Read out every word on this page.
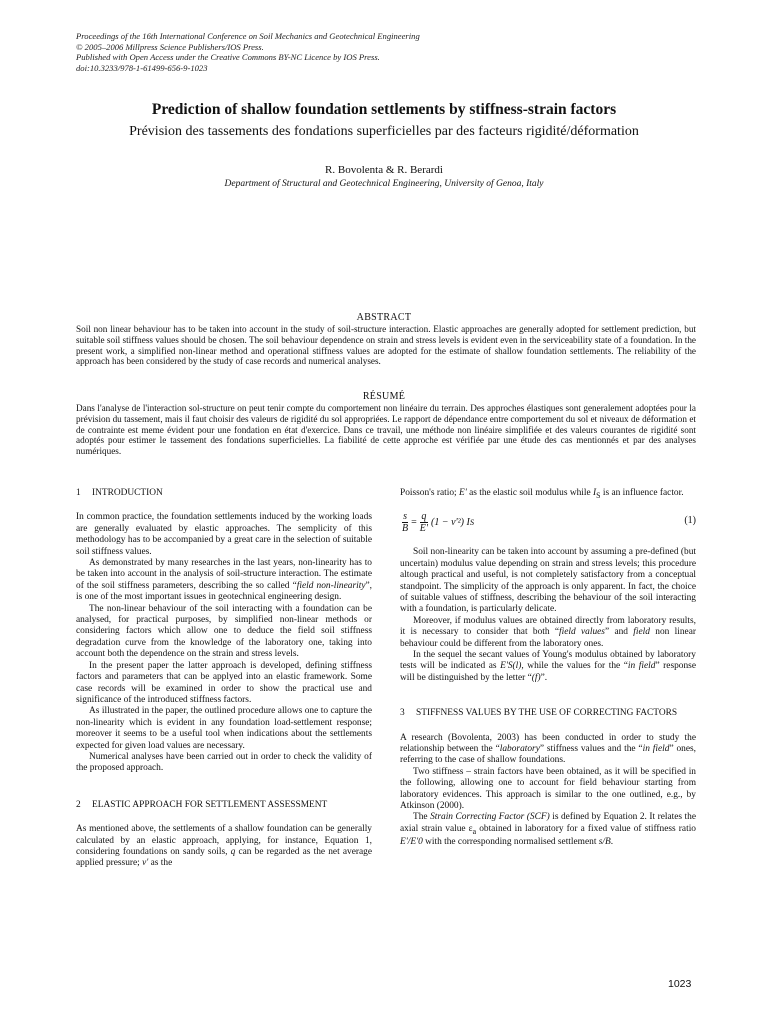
Proceedings of the 16th International Conference on Soil Mechanics and Geotechnical Engineering
© 2005–2006 Millpress Science Publishers/IOS Press.
Published with Open Access under the Creative Commons BY-NC Licence by IOS Press.
doi:10.3233/978-1-61499-656-9-1023
Prediction of shallow foundation settlements by stiffness-strain factors
Prévision des tassements des fondations superficielles par des facteurs rigidité/déformation
R. Bovolenta & R. Berardi
Department of Structural and Geotechnical Engineering, University of Genoa, Italy
ABSTRACT
Soil non linear behaviour has to be taken into account in the study of soil-structure interaction. Elastic approaches are generally adopted for settlement prediction, but suitable soil stiffness values should be chosen. The soil behaviour dependence on strain and stress levels is evident even in the serviceability state of a foundation. In the present work, a simplified non-linear method and operational stiffness values are adopted for the estimate of shallow foundation settlements. The reliability of the approach has been considered by the study of case records and numerical analyses.
RÉSUMÉ
Dans l'analyse de l'interaction sol-structure on peut tenir compte du comportement non linéaire du terrain. Des approches élastiques sont generalement adoptées pour la prévision du tassement, mais il faut choisir des valeurs de rigidité du sol appropriées. Le rapport de dépendance entre comportement du sol et niveaux de déformation et de contrainte est meme évident pour une fondation en état d'exercice. Dans ce travail, une méthode non linéaire simplifiée et des valeurs courantes de rigidité sont adoptés pour estimer le tassement des fondations superficielles. La fiabilité de cette approche est vérifiée par une étude des cas mentionnés et par des analyses numériques.
1	INTRODUCTION

In common practice, the foundation settlements induced by the working loads are generally evaluated by elastic approaches. The semplicity of this methodology has to be accompanied by a great care in the selection of suitable soil stiffness values.

As demonstrated by many researches in the last years, non-linearity has to be taken into account in the analysis of soil-structure interaction. The estimate of the soil stiffness parameters, describing the so called “field non-linearity”, is one of the most important issues in geotechnical engineering design.

The non-linear behaviour of the soil interacting with a foundation can be analysed, for practical purposes, by simplified non-linear methods or considering factors which allow one to deduce the field soil stiffness degradation curve from the knowledge of the laboratory one, taking into account both the dependence on the strain and stress levels.

In the present paper the latter approach is developed, defining stiffness factors and parameters that can be applyed into an elastic framework. Some case records will be examined in order to show the practical use and significance of the introduced stiffness factors.

As illustrated in the paper, the outlined procedure allows one to capture the non-linearity which is evident in any foundation load-settlement response; moreover it seems to be a useful tool when indications about the settlements expected for given load values are necessary.

Numerical analyses have been carried out in order to check the validity of the proposed approach.

2	ELASTIC APPROACH FOR SETTLEMENT ASSESSMENT

As mentioned above, the settlements of a shallow foundation can be generally calculated by an elastic approach, applying, for instance, Equation 1, considering foundations on sandy soils, q can be regarded as the net average applied pressure; ν' as the

Poisson's ratio; E' as the elastic soil modulus while $I_S$ is an influence factor.

$\frac{s}{B} = \frac{q}{E'} (1 - \nu'^2)$ I S	(1)

Soil non-linearity can be taken into account by assuming a pre-defined (but uncertain) modulus value depending on strain and stress levels; this procedure altough practical and useful, is not completely satisfactory from a conceptual standpoint. The simplicity of the approach is only apparent. In fact, the choice of suitable values of stiffness, describing the behaviour of the soil interacting with a foundation, is particularly delicate.

Moreover, if modulus values are obtained directly from laboratory results, it is necessary to consider that both “field values” and field non linear behaviour could be different from the laboratory ones.

In the sequel the secant values of Young's modulus obtained by laboratory tests will be indicated as E'S(l), while the values for the “in field” response will be distinguished by the letter “(f)”.

3	STIFFNESS VALUES BY THE USE OF CORRECTING FACTORS

A research (Bovolenta, 2003) has been conducted in order to study the relationship between the “laboratory” stiffness values and the “in field” ones, referring to the case of shallow foundations.

Two stiffness – strain factors have been obtained, as it will be specified in the following, allowing one to account for field behaviour starting from laboratory evidences. This approach is similar to the one outlined, e.g., by Atkinson (2000).

The Strain Correcting Factor (SCF) is defined by Equation 2. It relates the axial strain value $\varepsilon_a$ obtained in laboratory for a fixed value of stiffness ratio E'/E'0 with the corresponding normalised settlement s/B.

1023
